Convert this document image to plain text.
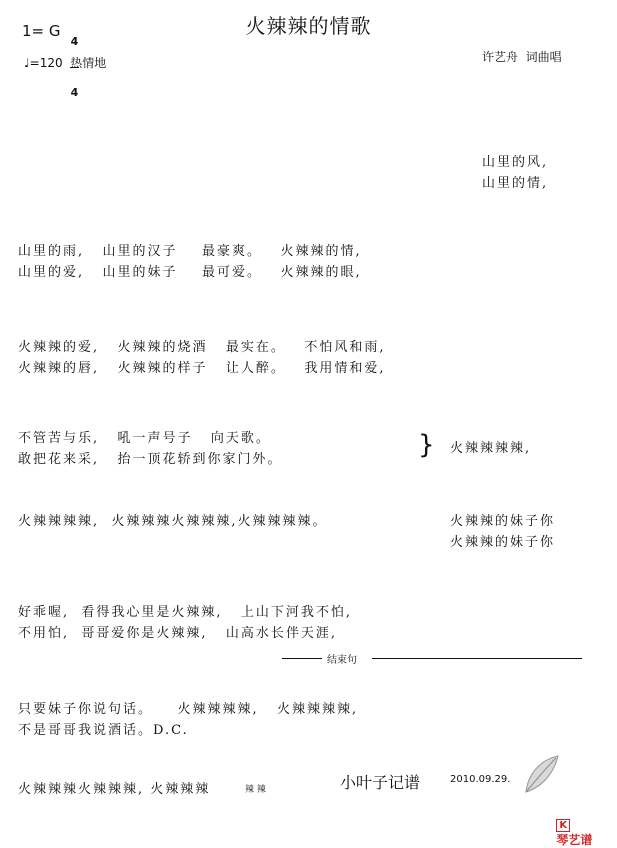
火辣辣的情歌
1= G

4

4

♩=120  热情地	许艺舟  词曲唱

山里的风,
山里的情,

山里的雨,   山里的汉子    最豪爽。   火辣辣的情,
山里的爱,   山里的妹子    最可爱。   火辣辣的眼,

火辣辣的爱,   火辣辣的烧酒   最实在。   不怕风和雨,
火辣辣的唇,   火辣辣的样子   让人醉。   我用情和爱,

不管苦与乐,   吼一声号子   向天歌。
敢把花来采,   抬一顶花轿到你家门外。	} 火辣辣辣辣,

火辣辣辣辣,  火辣辣辣火辣辣辣,火辣辣辣辣。	火辣辣的妹子你
火辣辣的妹子你

好乖喔,  看得我心里是火辣辣,   上山下河我不怕,
不用怕,  哥哥爱你是火辣辣,   山高水长伴天涯,

结束句

只要妹子你说句话。    火辣辣辣辣,   火辣辣辣辣,
不是哥哥我说酒话。D.C.

火辣辣辣火辣辣辣, 火辣辣辣	辣 辣	小叶子记谱	2010.09.29.

K
琴艺谱
